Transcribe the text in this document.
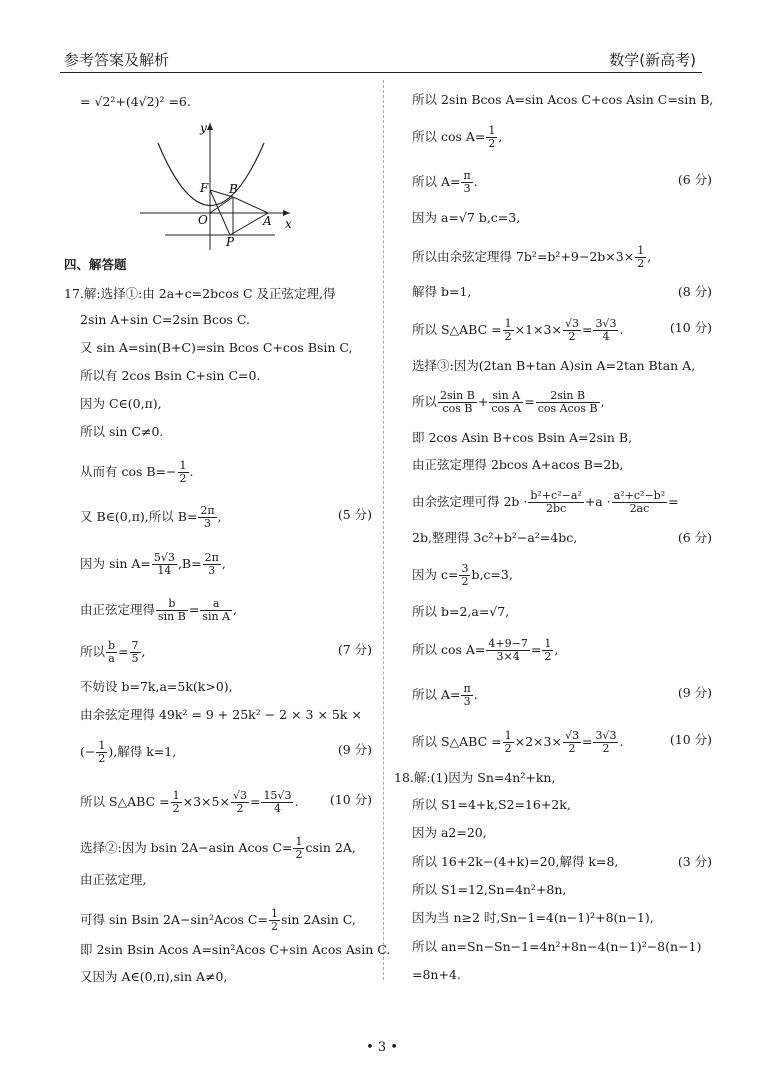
参考答案及解析	数学(新高考)
= √2²+(4√2)² =6.
y
x
F B
O	A
P
四、解答题
17.解:选择①:由 2a+c=2bcos C 及正弦定理,得
2sin A+sin C=2sin Bcos C.
又 sin A=sin(B+C)=sin Bcos C+cos Bsin C,
所以有 2cos Bsin C+sin C=0.
因为 C∈(0,π),
所以 sin C≠0.
从而有 $\cos B=- \frac{1}{2}$ .
又 B∈(0,π),所以 $B= \frac{2\pi}{3}$ ,	(5 分)
因为 $\sin A= \frac{5√3}{14} ,B= \frac{2\pi}{3}$ ,
由正弦定理得 $\frac{b}{\text{sin B}} = \frac{a}{\text{sin A}}$ ,
所以 $\frac{b}{a} = \frac{7}{5}$ ,	(7 分)
不妨设 b=7k,a=5k(k>0),
由余弦定理得 49k² = 9 + 25k² − 2 × 3 × 5k ×
(− $\frac{1}{2}$ ),解得 k=1,	(9 分)
所以 S△ABC = $\frac{1}{2} \times 3\times 5\times \frac{√3}{2} = \frac{15√3}{4}$ .	(10 分)
选择②:因为 bsin 2A−asin Acos $C= \frac{1}{2}$ csin 2A,
由正弦定理,
可得 sin Bsin 2A−sin²Acos $C= \frac{1}{2}$ sin 2Asin C,
即 2sin Bsin Acos A=sin²Acos C+sin Acos Asin C.
又因为 A∈(0,π),sin A≠0,
所以 2sin Bcos A=sin Acos C+cos Asin C=sin B,
所以 $\cos A= \frac{1}{2}$ ,
所以 $A= \frac{\pi}{3}$ .	(6 分)
因为 a=√7 b,c=3,
所以由余弦定理得 $7b^2=b^2+9-2b\times 3\times \frac{1}{2}$ ,
解得 b=1,	(8 分)
所以 S△ABC = $\frac{1}{2} \times 1\times 3\times \frac{√3}{2} = \frac{3√3}{4}$ .	(10 分)
选择③:因为(2tan B+tan A)sin A=2tan Btan A,
所以 $\frac{\text{2sin B}}{\text{cos B}} + \frac{\text{sin A}}{\text{cos A}} = \frac{\text{2sin B}}{\text{cos Acos B}}$ ,
即 2cos Asin B+cos Bsin A=2sin B,
由正弦定理得 2bcos A+acos B=2b,
由余弦定理可得 $2b \cdot \frac{\text{b²+c²−a²}}{2bc} +a \cdot \frac{\text{a²+c²−b²}}{2ac}$ =
2b,整理得 3c²+b²−a²=4bc,	(6 分)
因为 $c= \frac{3}{2} b,c=3$,
所以 b=2,a=√7,
所以 $\cos A= \frac{4+9-7}{3\times 4} = \frac{1}{2}$ ,
所以 $A= \frac{\pi}{3}$ .	(9 分)
所以 S△ABC = $\frac{1}{2} \times 2\times 3\times \frac{√3}{2} = \frac{3√3}{2}$ .	(10 分)
18.解:(1)因为 Sn=4n²+kn,
所以 S1=4+k,S2=16+2k,
因为 a2=20,
所以 16+2k−(4+k)=20,解得 k=8,	(3 分)
所以 S1=12,Sn=4n²+8n,
因为当 n≥2 时,Sn−1=4(n−1)²+8(n−1),
所以 an=Sn−Sn−1=4n²+8n−4(n−1)²−8(n−1)
=8n+4.
• 3 •
